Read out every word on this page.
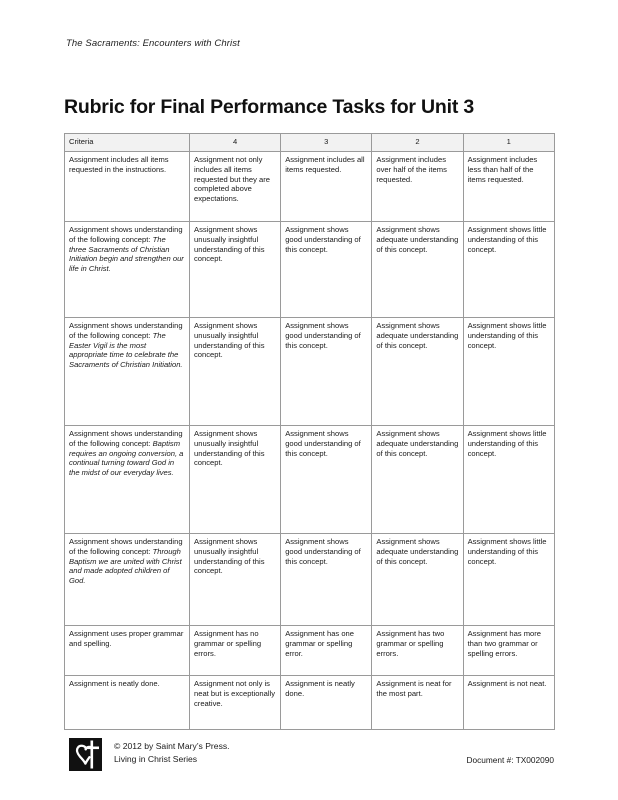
The Sacraments: Encounters with Christ
Rubric for Final Performance Tasks for Unit 3
Criteria	4	3	2	1
Assignment includes all items requested in the instructions.	Assignment not only includes all items requested but they are completed above expectations.	Assignment includes all items requested.	Assignment includes over half of the items requested.	Assignment includes less than half of the items requested.
Assignment shows understanding of the following concept: The three Sacraments of Christian Initiation begin and strengthen our life in Christ.	Assignment shows unusually insightful understanding of this concept.	Assignment shows good understanding of this concept.	Assignment shows adequate understanding of this concept.	Assignment shows little understanding of this concept.
Assignment shows understanding of the following concept: The Easter Vigil is the most appropriate time to celebrate the Sacraments of Christian Initiation.	Assignment shows unusually insightful understanding of this concept.	Assignment shows good understanding of this concept.	Assignment shows adequate understanding of this concept.	Assignment shows little understanding of this concept.
Assignment shows understanding of the following concept: Baptism requires an ongoing conversion, a continual turning toward God in the midst of our everyday lives.	Assignment shows unusually insightful understanding of this concept.	Assignment shows good understanding of this concept.	Assignment shows adequate understanding of this concept.	Assignment shows little understanding of this concept.
Assignment shows understanding of the following concept: Through Baptism we are united with Christ and made adopted children of God.	Assignment shows unusually insightful understanding of this concept.	Assignment shows good understanding of this concept.	Assignment shows adequate understanding of this concept.	Assignment shows little understanding of this concept.
Assignment uses proper grammar and spelling.	Assignment has no grammar or spelling errors.	Assignment has one grammar or spelling error.	Assignment has two grammar or spelling errors.	Assignment has more than two grammar or spelling errors.
Assignment is neatly done.	Assignment not only is neat but is exceptionally creative.	Assignment is neatly done.	Assignment is neat for the most part.	Assignment is not neat.
© 2012 by Saint Mary’s Press.
Living in Christ Series	Document #: TX002090
